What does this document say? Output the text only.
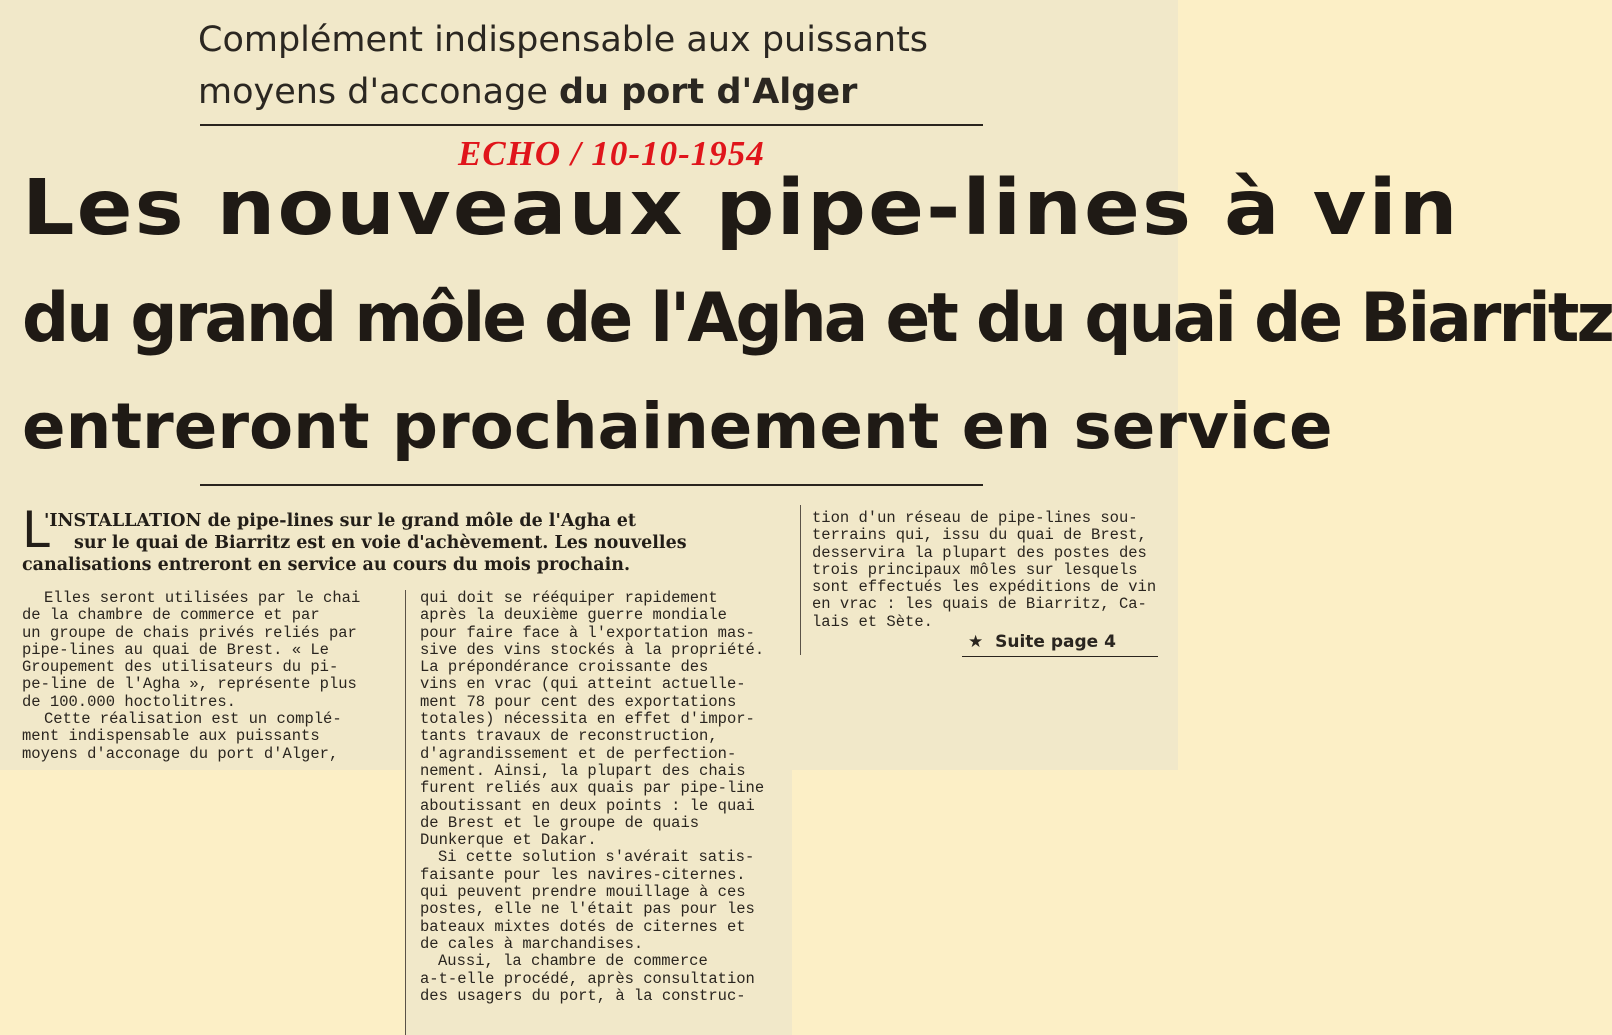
Complément indispensable aux puissants
moyens d'acconage du port d'Alger
ECHO / 10-10-1954
Les nouveaux pipe-lines à vin
du grand môle de l'Agha et du quai de Biarritz
entreront prochainement en service
L
'INSTALLATION de pipe-lines sur le grand môle de l'Agha et
sur le quai de Biarritz est en voie d'achèvement. Les nouvelles
canalisations entreront en service au cours du mois prochain.
Elles seront utilisées par le chai
de la chambre de commerce et par
un groupe de chais privés reliés par
pipe-lines au quai de Brest. « Le
Groupement des utilisateurs du pi-
pe-line de l'Agha », représente plus
de 100.000 hoctolitres.
Cette réalisation est un complé-
ment indispensable aux puissants
moyens d'acconage du port d'Alger,
qui doit se rééquiper rapidement
après la deuxième guerre mondiale
pour faire face à l'exportation mas-
sive des vins stockés à la propriété.
La prépondérance croissante des
vins en vrac (qui atteint actuelle-
ment 78 pour cent des exportations
totales) nécessita en effet d'impor-
tants travaux de reconstruction,
d'agrandissement et de perfection-
nement. Ainsi, la plupart des chais
furent reliés aux quais par pipe-line
aboutissant en deux points : le quai
de Brest et le groupe de quais
Dunkerque et Dakar.
Si cette solution s'avérait satis-
faisante pour les navires-citernes.
qui peuvent prendre mouillage à ces
postes, elle ne l'était pas pour les
bateaux mixtes dotés de citernes et
de cales à marchandises.
Aussi, la chambre de commerce
a-t-elle procédé, après consultation
des usagers du port, à la construc-
tion d'un réseau de pipe-lines sou-
terrains qui, issu du quai de Brest,
desservira la plupart des postes des
trois principaux môles sur lesquels
sont effectués les expéditions de vin
en vrac : les quais de Biarritz, Ca-
lais et Sète.
★ Suite page 4
